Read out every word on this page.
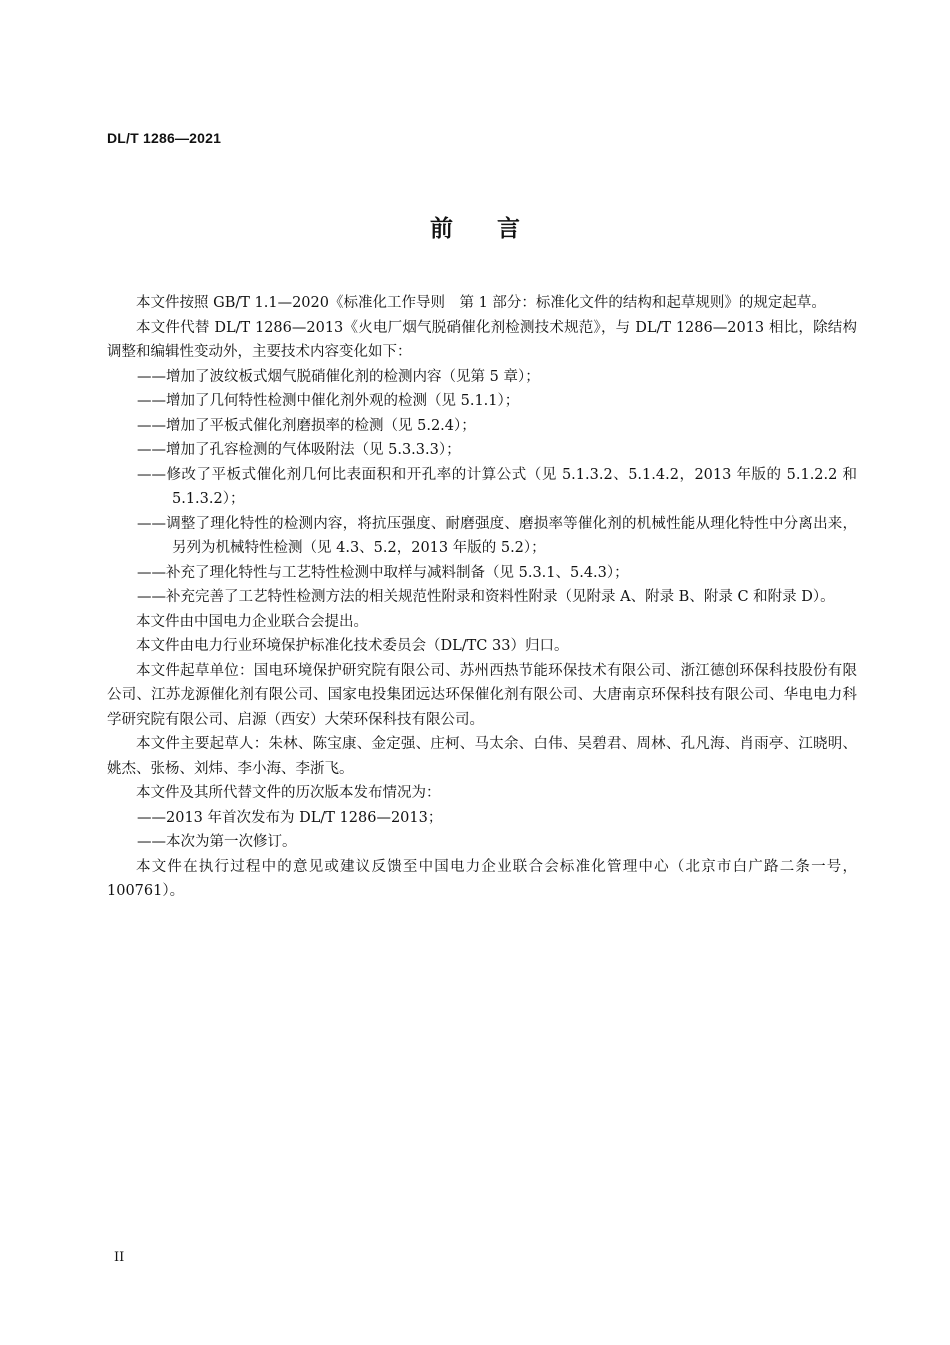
DL/T 1286—2021
前言

本文件按照 GB/T 1.1—2020《标准化工作导则　第 1 部分：标准化文件的结构和起草规则》的规定起草。

本文件代替 DL/T 1286—2013《火电厂烟气脱硝催化剂检测技术规范》，与 DL/T 1286—2013 相比，除结构调整和编辑性变动外，主要技术内容变化如下：

——增加了波纹板式烟气脱硝催化剂的检测内容（见第 5 章）；

——增加了几何特性检测中催化剂外观的检测（见 5.1.1）；

——增加了平板式催化剂磨损率的检测（见 5.2.4）；

——增加了孔容检测的气体吸附法（见 5.3.3.3）；

——修改了平板式催化剂几何比表面积和开孔率的计算公式（见 5.1.3.2、5.1.4.2，2013 年版的 5.1.2.2 和 5.1.3.2）；

——调整了理化特性的检测内容，将抗压强度、耐磨强度、磨损率等催化剂的机械性能从理化特性中分离出来，另列为机械特性检测（见 4.3、5.2，2013 年版的 5.2）；

——补充了理化特性与工艺特性检测中取样与减料制备（见 5.3.1、5.4.3）；

——补充完善了工艺特性检测方法的相关规范性附录和资料性附录（见附录 A、附录 B、附录 C 和附录 D）。

本文件由中国电力企业联合会提出。

本文件由电力行业环境保护标准化技术委员会（DL/TC 33）归口。

本文件起草单位：国电环境保护研究院有限公司、苏州西热节能环保技术有限公司、浙江德创环保科技股份有限公司、江苏龙源催化剂有限公司、国家电投集团远达环保催化剂有限公司、大唐南京环保科技有限公司、华电电力科学研究院有限公司、启源（西安）大荣环保科技有限公司。

本文件主要起草人：朱林、陈宝康、金定强、庄柯、马太余、白伟、吴碧君、周林、孔凡海、肖雨亭、江晓明、姚杰、张杨、刘炜、李小海、李浙飞。

本文件及其所代替文件的历次版本发布情况为：

——2013 年首次发布为 DL/T 1286—2013；

——本次为第一次修订。

本文件在执行过程中的意见或建议反馈至中国电力企业联合会标准化管理中心（北京市白广路二条一号，100761）。

II
